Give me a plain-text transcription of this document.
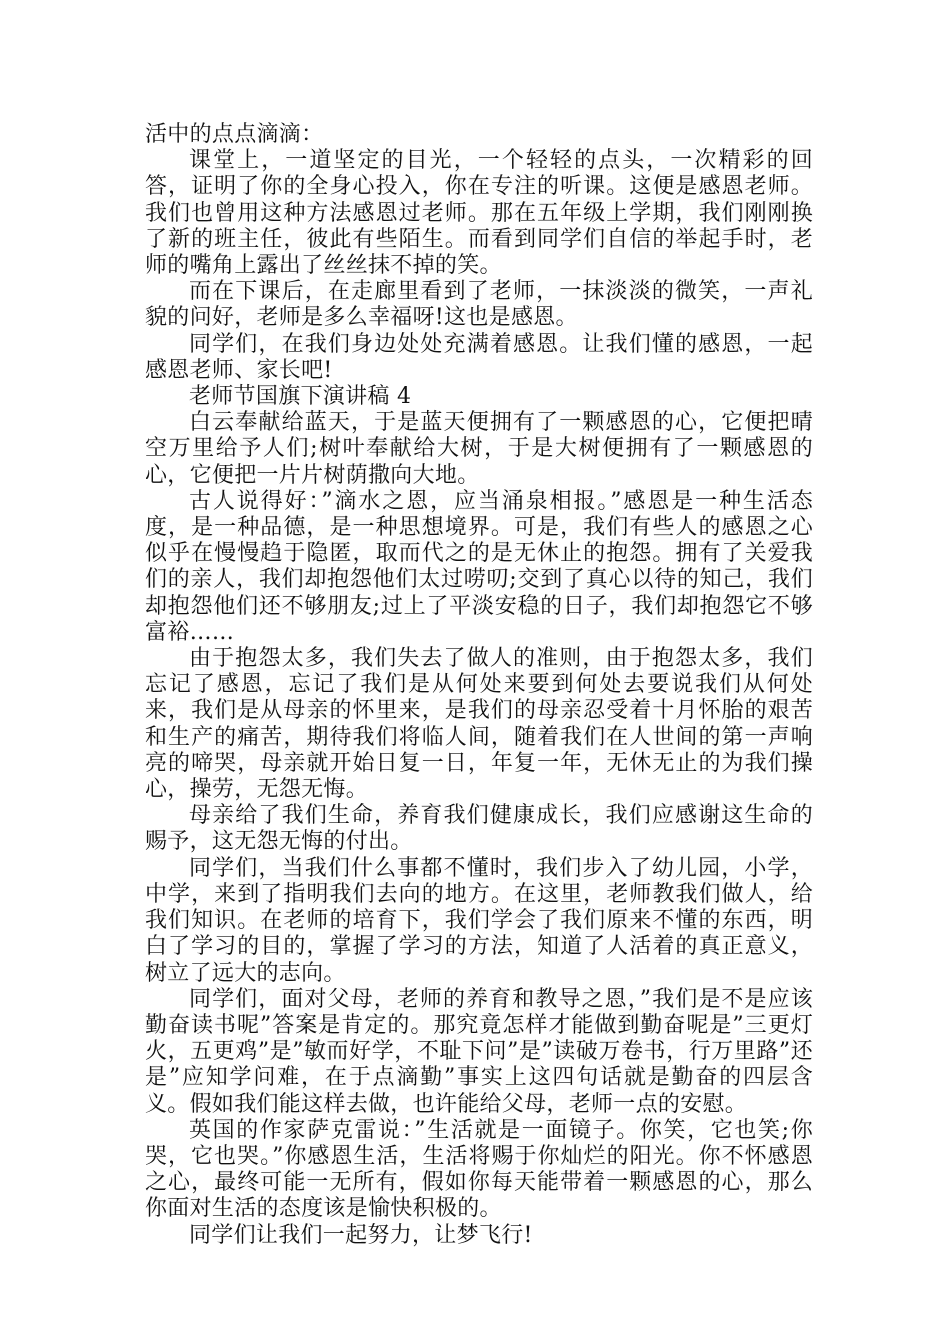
活中的点点滴滴：

课堂上，一道坚定的目光，一个轻轻的点头，一次精彩的回答，证明了你的全身心投入，你在专注的听课。这便是感恩老师。我们也曾用这种方法感恩过老师。那在五年级上学期，我们刚刚换了新的班主任，彼此有些陌生。而看到同学们自信的举起手时，老师的嘴角上露出了丝丝抹不掉的笑。

而在下课后，在走廊里看到了老师，一抹淡淡的微笑，一声礼貌的问好，老师是多么幸福呀!这也是感恩。

同学们，在我们身边处处充满着感恩。让我们懂的感恩，一起感恩老师、家长吧!

老师节国旗下演讲稿 4

白云奉献给蓝天，于是蓝天便拥有了一颗感恩的心，它便把晴空万里给予人们;树叶奉献给大树，于是大树便拥有了一颗感恩的心，它便把一片片树荫撒向大地。

古人说得好：”滴水之恩，应当涌泉相报。”感恩是一种生活态度，是一种品德，是一种思想境界。可是，我们有些人的感恩之心似乎在慢慢趋于隐匿，取而代之的是无休止的抱怨。拥有了关爱我们的亲人，我们却抱怨他们太过唠叨;交到了真心以待的知己，我们却抱怨他们还不够朋友;过上了平淡安稳的日子，我们却抱怨它不够富裕……

由于抱怨太多，我们失去了做人的准则，由于抱怨太多，我们忘记了感恩，忘记了我们是从何处来要到何处去要说我们从何处来，我们是从母亲的怀里来，是我们的母亲忍受着十月怀胎的艰苦和生产的痛苦，期待我们将临人间，随着我们在人世间的第一声响亮的啼哭，母亲就开始日复一日，年复一年，无休无止的为我们操心，操劳，无怨无悔。

母亲给了我们生命，养育我们健康成长，我们应感谢这生命的赐予，这无怨无悔的付出。

同学们，当我们什么事都不懂时，我们步入了幼儿园，小学，中学，来到了指明我们去向的地方。在这里，老师教我们做人，给我们知识。在老师的培育下，我们学会了我们原来不懂的东西，明白了学习的目的，掌握了学习的方法，知道了人活着的真正意义，树立了远大的志向。

同学们，面对父母，老师的养育和教导之恩，”我们是不是应该勤奋读书呢”答案是肯定的。那究竟怎样才能做到勤奋呢是”三更灯火，五更鸡”是”敏而好学，不耻下问”是”读破万卷书，行万里路”还是”应知学问难，在于点滴勤”事实上这四句话就是勤奋的四层含义。假如我们能这样去做，也许能给父母，老师一点的安慰。

英国的作家萨克雷说：”生活就是一面镜子。你笑，它也笑;你哭，它也哭。”你感恩生活，生活将赐于你灿烂的阳光。你不怀感恩之心，最终可能一无所有，假如你每天能带着一颗感恩的心，那么你面对生活的态度该是愉快积极的。

同学们让我们一起努力，让梦飞行!
